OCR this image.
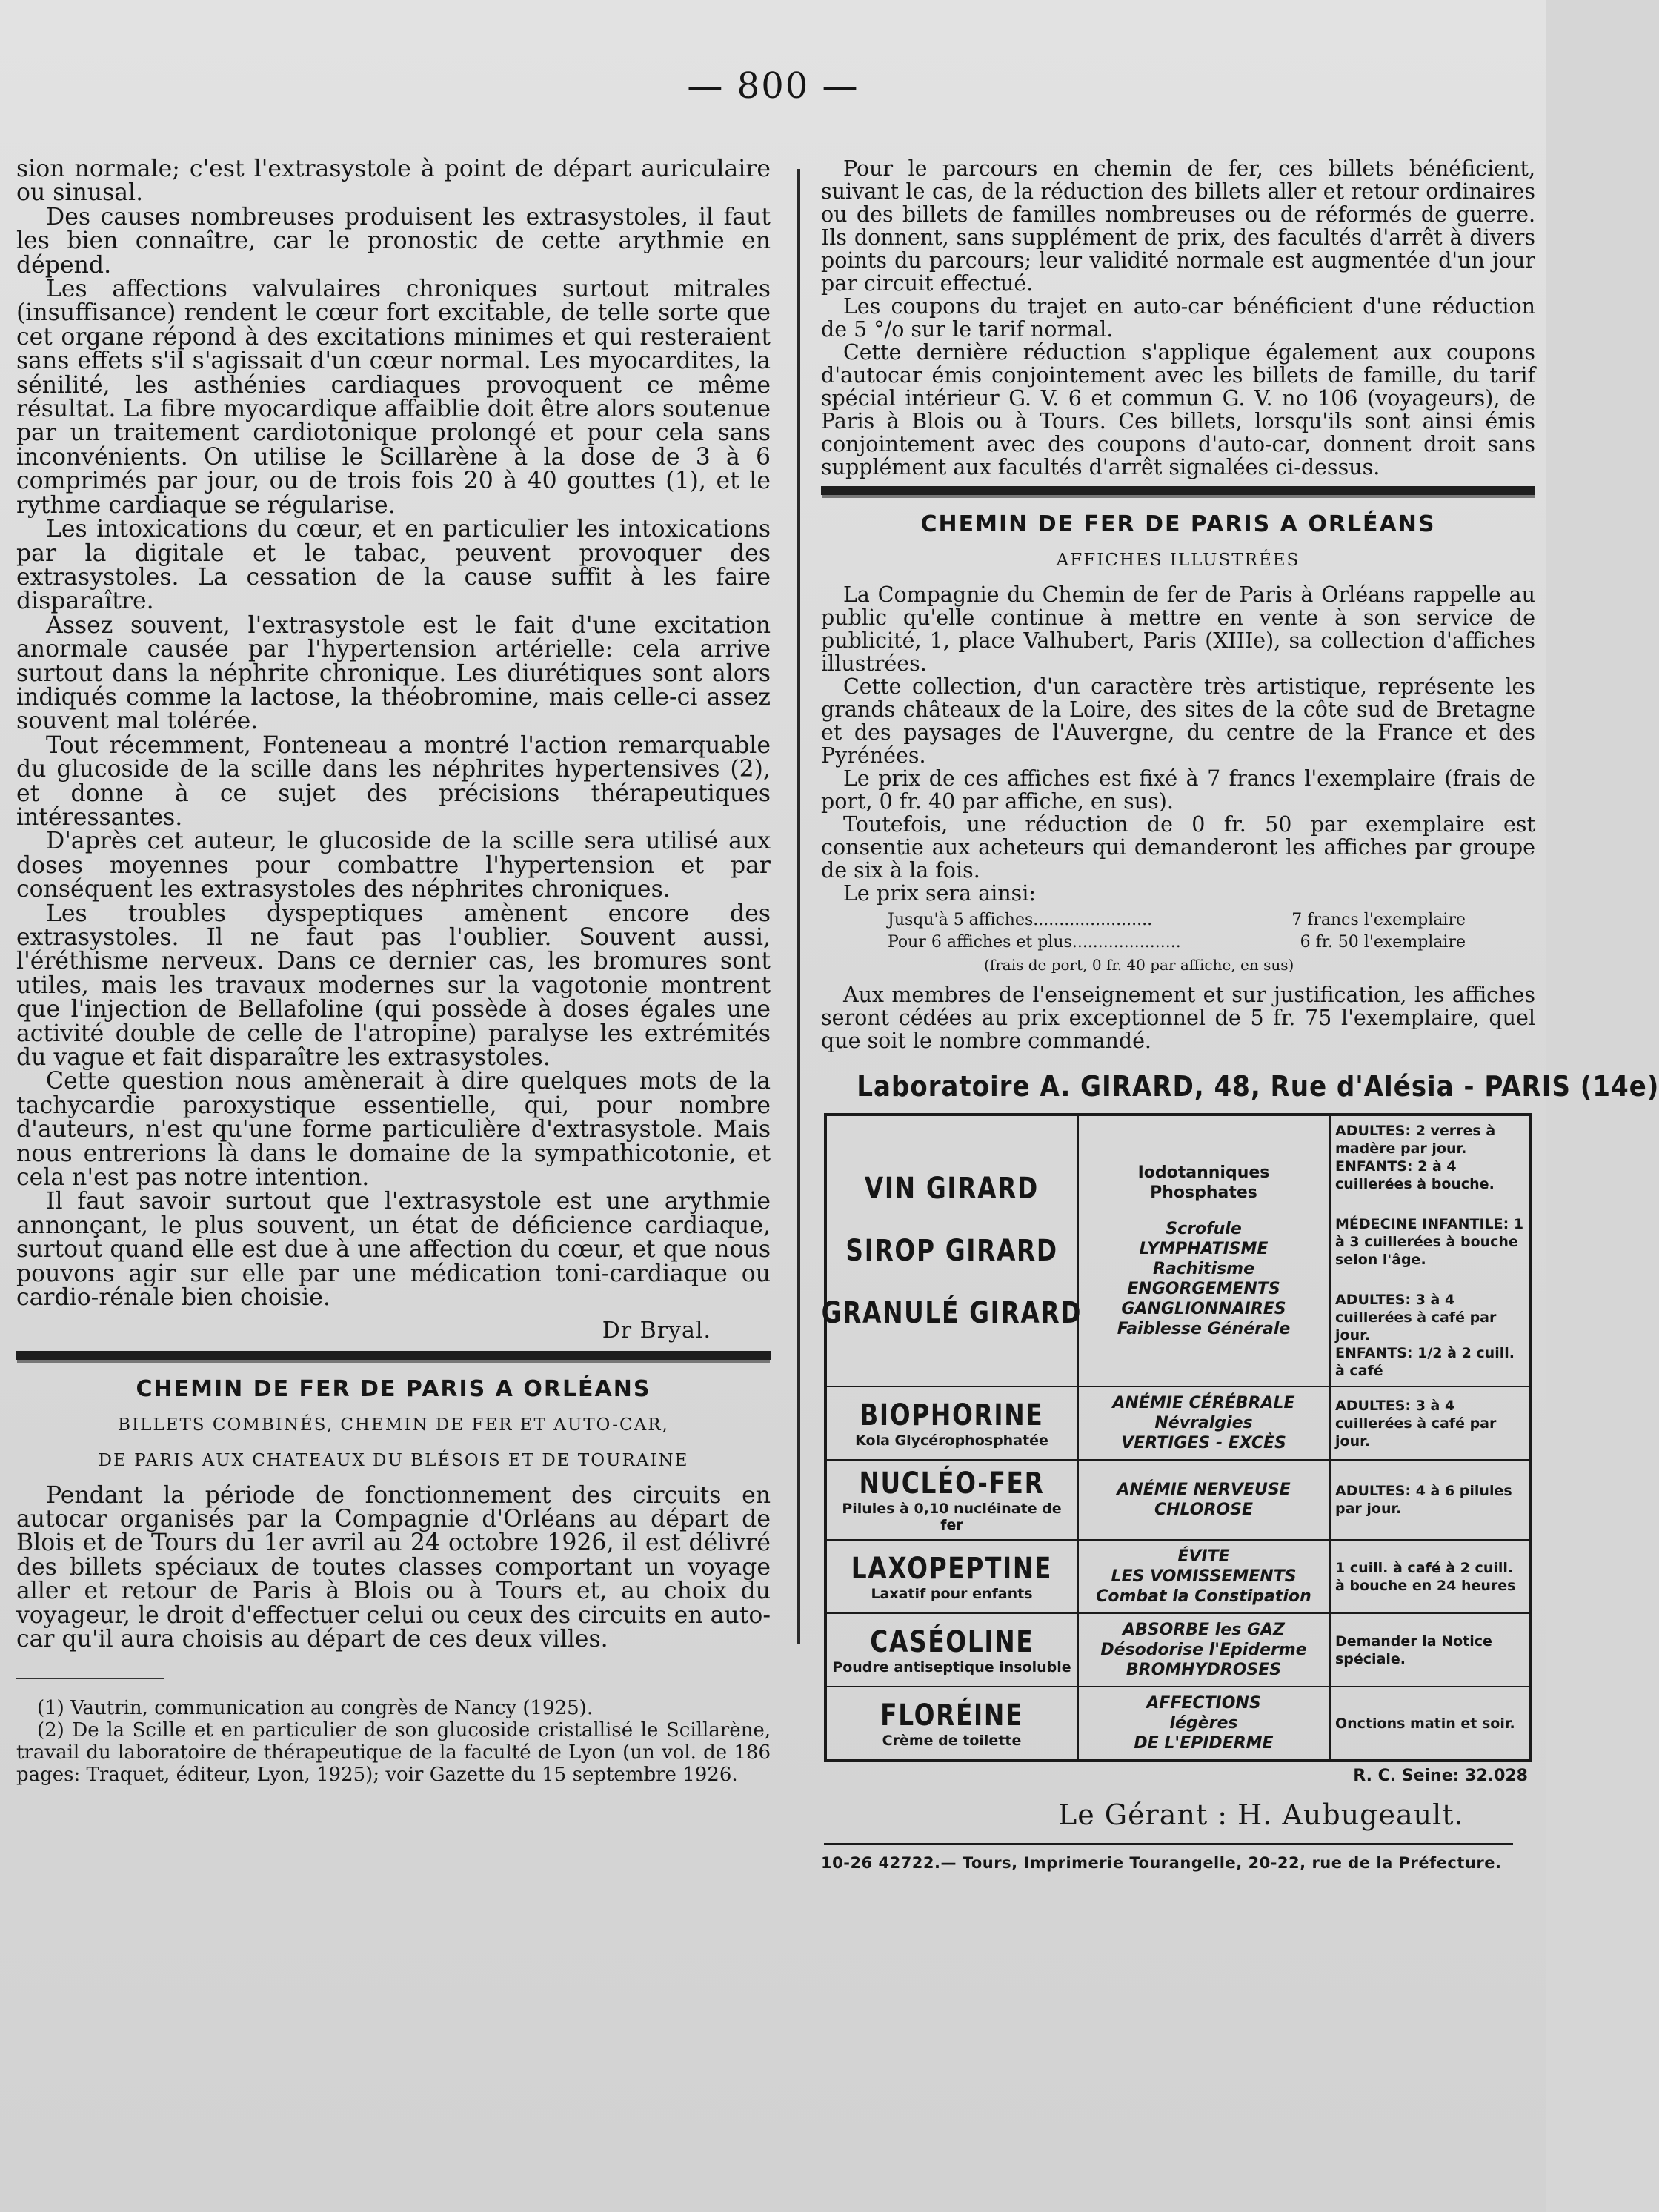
— 800 —

sion normale; c'est l'extrasystole à point de départ auriculaire ou sinusal.

Des causes nombreuses produisent les extrasystoles, il faut les bien connaître, car le pronostic de cette arythmie en dépend.

Les affections valvulaires chroniques surtout mitrales (insuffisance) rendent le cœur fort excitable, de telle sorte que cet organe répond à des excitations minimes et qui resteraient sans effets s'il s'agissait d'un cœur normal. Les myocardites, la sénilité, les asthénies cardiaques provoquent ce même résultat. La fibre myocardique affaiblie doit être alors soutenue par un traitement cardiotonique prolongé et pour cela sans inconvénients. On utilise le Scillarène à la dose de 3 à 6 comprimés par jour, ou de trois fois 20 à 40 gouttes (1), et le rythme cardiaque se régularise.

Les intoxications du cœur, et en particulier les intoxications par la digitale et le tabac, peuvent provoquer des extrasystoles. La cessation de la cause suffit à les faire disparaître.

Assez souvent, l'extrasystole est le fait d'une excitation anormale causée par l'hypertension artérielle: cela arrive surtout dans la néphrite chronique. Les diurétiques sont alors indiqués comme la lactose, la théobromine, mais celle-ci assez souvent mal tolérée.

Tout récemment, Fonteneau a montré l'action remarquable du glucoside de la scille dans les néphrites hypertensives (2), et donne à ce sujet des précisions thérapeutiques intéressantes.

D'après cet auteur, le glucoside de la scille sera utilisé aux doses moyennes pour combattre l'hypertension et par conséquent les extrasystoles des néphrites chroniques.

Les troubles dyspeptiques amènent encore des extrasystoles. Il ne faut pas l'oublier. Souvent aussi, l'éréthisme nerveux. Dans ce dernier cas, les bromures sont utiles, mais les travaux modernes sur la vagotonie montrent que l'injection de Bellafoline (qui possède à doses égales une activité double de celle de l'atropine) paralyse les extrémités du vague et fait disparaître les extrasystoles.

Cette question nous amènerait à dire quelques mots de la tachycardie paroxystique essentielle, qui, pour nombre d'auteurs, n'est qu'une forme particulière d'extrasystole. Mais nous entrerions là dans le domaine de la sympathicotonie, et cela n'est pas notre intention.

Il faut savoir surtout que l'extrasystole est une arythmie annonçant, le plus souvent, un état de déficience cardiaque, surtout quand elle est due à une affection du cœur, et que nous pouvons agir sur elle par une médication toni-cardiaque ou cardio-rénale bien choisie.

Dr Bryal.
CHEMIN DE FER DE PARIS A ORLÉANS
BILLETS COMBINÉS, CHEMIN DE FER ET AUTO-CAR,
DE PARIS AUX CHATEAUX DU BLÉSOIS ET DE TOURAINE

Pendant la période de fonctionnement des circuits en autocar organisés par la Compagnie d'Orléans au départ de Blois et de Tours du 1er avril au 24 octobre 1926, il est délivré des billets spéciaux de toutes classes comportant un voyage aller et retour de Paris à Blois ou à Tours et, au choix du voyageur, le droit d'effectuer celui ou ceux des circuits en auto-car qu'il aura choisis au départ de ces deux villes.

(1) Vautrin, communication au congrès de Nancy (1925).

(2) De la Scille et en particulier de son glucoside cristallisé le Scillarène, travail du laboratoire de thérapeutique de la faculté de Lyon (un vol. de 186 pages: Traquet, éditeur, Lyon, 1925); voir Gazette du 15 septembre 1926.

Pour le parcours en chemin de fer, ces billets bénéficient, suivant le cas, de la réduction des billets aller et retour ordinaires ou des billets de familles nombreuses ou de réformés de guerre. Ils donnent, sans supplément de prix, des facultés d'arrêt à divers points du parcours; leur validité normale est augmentée d'un jour par circuit effectué.

Les coupons du trajet en auto-car bénéficient d'une réduction de 5 °/o sur le tarif normal.

Cette dernière réduction s'applique également aux coupons d'autocar émis conjointement avec les billets de famille, du tarif spécial intérieur G. V. 6 et commun G. V. no 106 (voyageurs), de Paris à Blois ou à Tours. Ces billets, lorsqu'ils sont ainsi émis conjointement avec des coupons d'auto-car, donnent droit sans supplément aux facultés d'arrêt signalées ci-dessus.

CHEMIN DE FER DE PARIS A ORLÉANS
AFFICHES ILLUSTRÉES

La Compagnie du Chemin de fer de Paris à Orléans rappelle au public qu'elle continue à mettre en vente à son service de publicité, 1, place Valhubert, Paris (XIIIe), sa collection d'affiches illustrées.

Cette collection, d'un caractère très artistique, représente les grands châteaux de la Loire, des sites de la côte sud de Bretagne et des paysages de l'Auvergne, du centre de la France et des Pyrénées.

Le prix de ces affiches est fixé à 7 francs l'exemplaire (frais de port, 0 fr. 40 par affiche, en sus).

Toutefois, une réduction de 0 fr. 50 par exemplaire est consentie aux acheteurs qui demanderont les affiches par groupe de six à la fois.

Le prix sera ainsi:

Jusqu'à 5 affiches.......................	7 francs l'exemplaire
Pour 6 affiches et plus.....................	6 fr. 50 l'exemplaire
(frais de port, 0 fr. 40 par affiche, en sus)

Aux membres de l'enseignement et sur justification, les affiches seront cédées au prix exceptionnel de 5 fr. 75 l'exemplaire, quel que soit le nombre commandé.

Laboratoire A. GIRARD, 48, Rue d'Alésia - PARIS (14e)
VIN GIRARD
SIROP GIRARD
GRANULÉ GIRARD
Iodotanniques
Phosphates
Scrofule
LYMPHATISME
Rachitisme
ENGORGEMENTS
GANGLIONNAIRES
Faiblesse Générale
ADULTES: 2 verres à madère par jour.
ENFANTS: 2 à 4 cuillerées à bouche.
MÉDECINE INFANTILE: 1 à 3 cuillerées à bouche selon l'âge.
ADULTES: 3 à 4 cuillerées à café par jour.
ENFANTS: 1/2 à 2 cuill. à café
BIOPHORINE
Kola Glycérophosphatée
ANÉMIE CÉRÉBRALE
Névralgies
VERTIGES - EXCÈS
ADULTES: 3 à 4 cuillerées à café par jour.
NUCLÉO-FER
Pilules à 0,10 nucléinate de fer
ANÉMIE NERVEUSE
CHLOROSE
ADULTES: 4 à 6 pilules par jour.
LAXOPEPTINE
Laxatif pour enfants
ÉVITE
LES VOMISSEMENTS
Combat la Constipation
1 cuill. à café à 2 cuill. à bouche en 24 heures
CASÉOLINE
Poudre antiseptique insoluble
ABSORBE les GAZ
Désodorise l'Epiderme
BROMHYDROSES
Demander la Notice spéciale.
FLORÉINE
Crème de toilette
AFFECTIONS
légères
DE L'EPIDERME
Onctions matin et soir.
R. C. Seine: 32.028
Le Gérant : H. Aubugeault.
10-26 42722.— Tours, Imprimerie Tourangelle, 20-22, rue de la Préfecture.
